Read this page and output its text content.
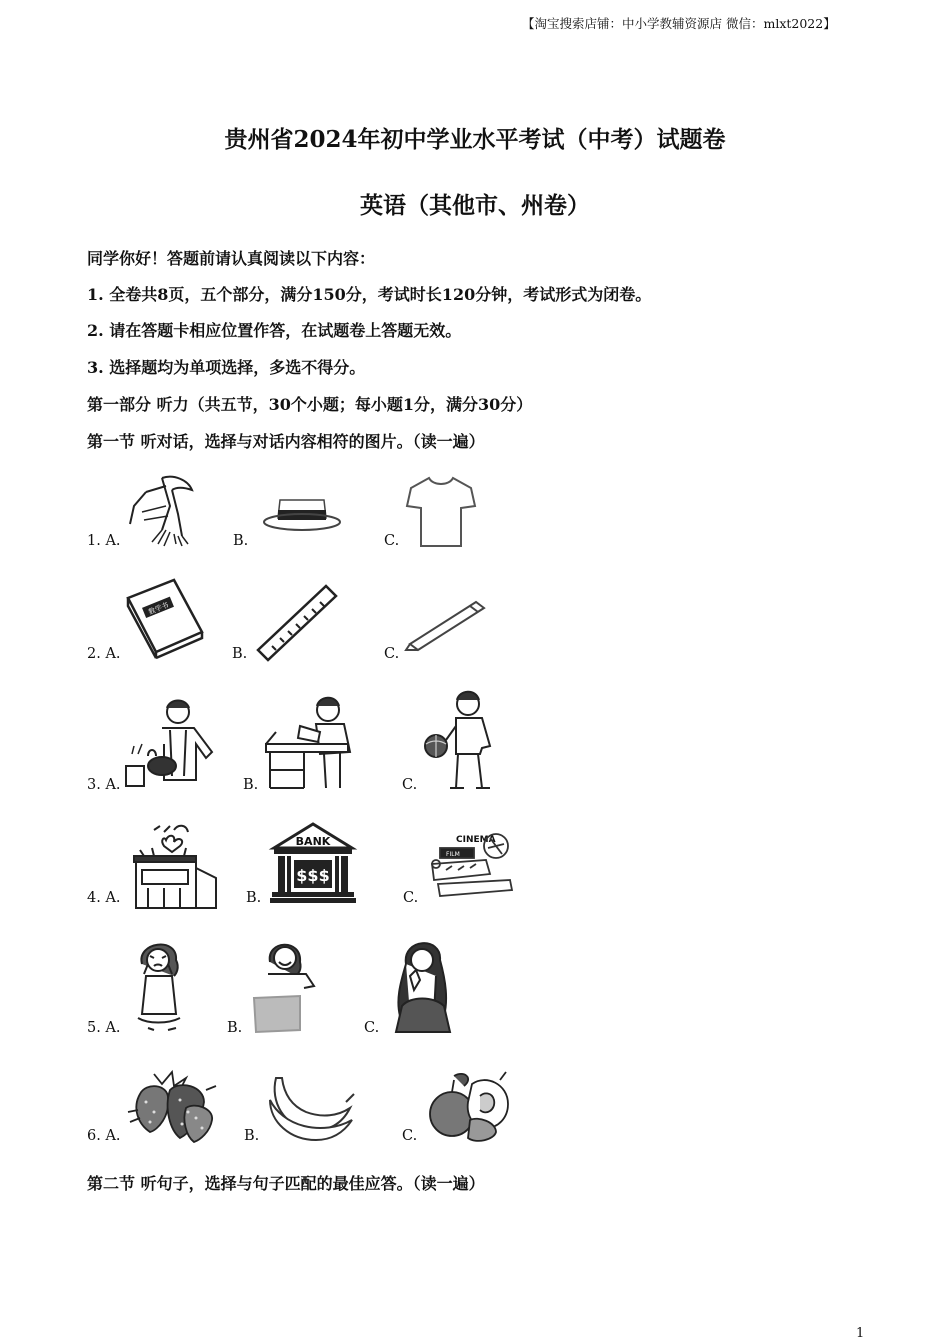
【淘宝搜索店铺：中小学教辅资源店 微信：mlxt2022】
贵州省2024年初中学业水平考试（中考）试题卷
英语（其他市、州卷）
同学你好！答题前请认真阅读以下内容：
1. 全卷共8页，五个部分，满分150分，考试时长120分钟，考试形式为闭卷。
2. 请在答题卡相应位置作答，在试题卷上答题无效。
3. 选择题均为单项选择，多选不得分。
第一部分 听力（共五节，30个小题；每小题1分，满分30分）
第一节 听对话，选择与对话内容相符的图片。（读一遍）
1. A.	B.	C.
2. A.	B.	C.
数学书
3. A.	B.	C.
4. A.	B.	C.
BANK
$$$
CINEMA
FILM
5. A.	B.	C.
6. A.	B.	C.
第二节 听句子，选择与句子匹配的最佳应答。（读一遍）
1
